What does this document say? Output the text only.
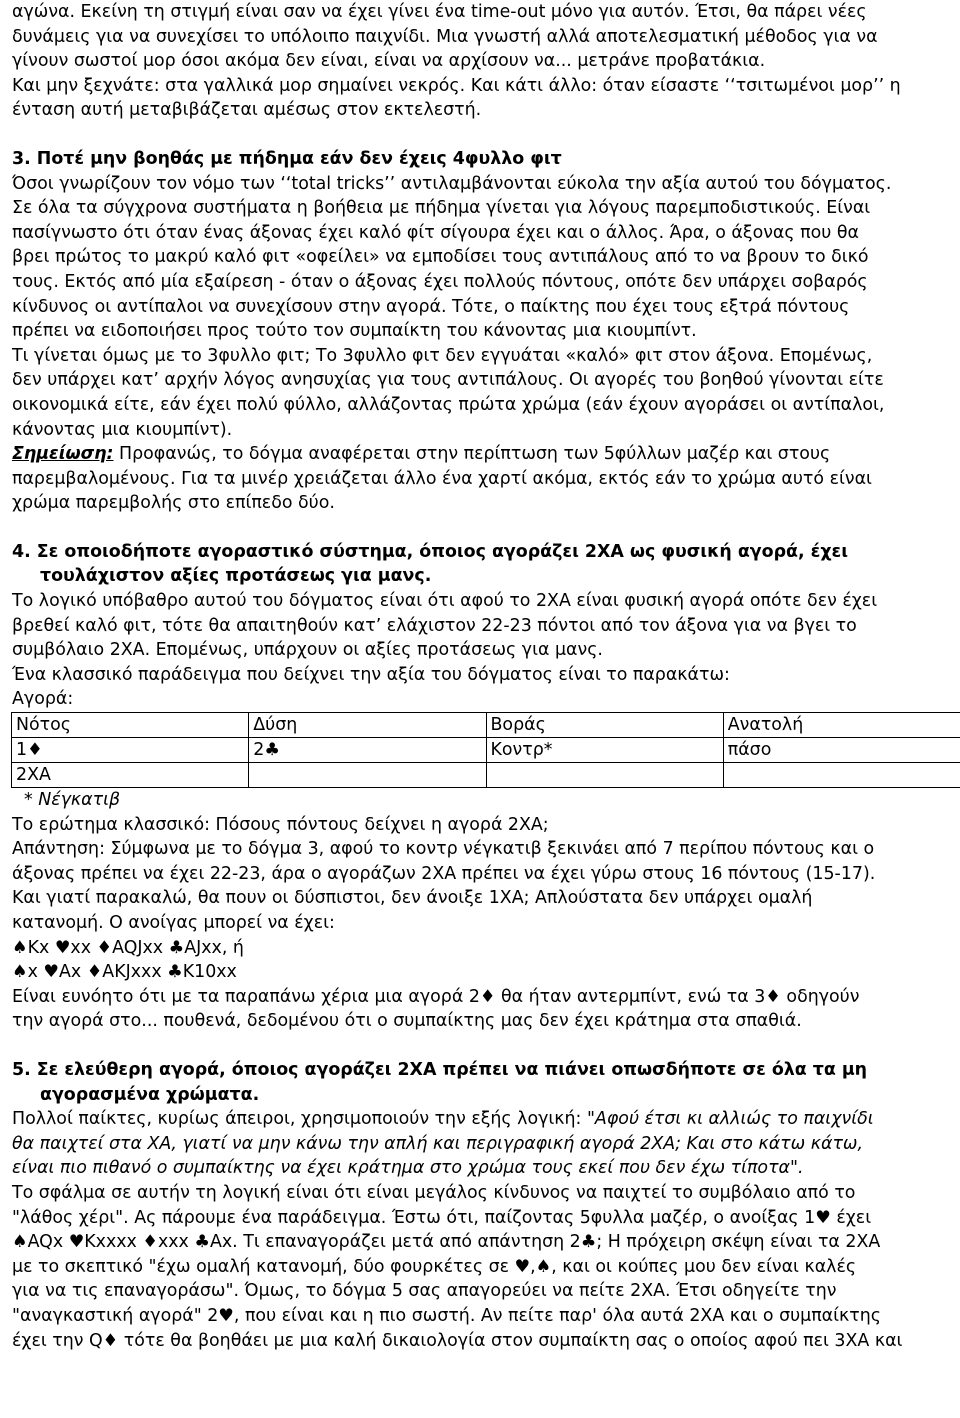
αγώνα. Εκείνη τη στιγμή είναι σαν να έχει γίνει ένα time-out μόνο για αυτόν. Έτσι, θα πάρει νέες

δυνάμεις για να συνεχίσει το υπόλοιπο παιχνίδι. Μια γνωστή αλλά αποτελεσματική μέθοδος για να

γίνουν σωστοί μορ όσοι ακόμα δεν είναι, είναι να αρχίσουν να... μετράνε προβατάκια.

Και μην ξεχνάτε: στα γαλλικά μορ σημαίνει νεκρός. Και κάτι άλλο: όταν είσαστε ‘‘τσιτωμένοι μορ’’ η

ένταση αυτή μεταβιβάζεται αμέσως στον εκτελεστή.

3. Ποτέ μην βοηθάς με πήδημα εάν δεν έχεις 4φυλλο φιτ

Όσοι γνωρίζουν τον νόμο των ‘‘total tricks’’ αντιλαμβάνονται εύκολα την αξία αυτού του δόγματος.

Σε όλα τα σύγχρονα συστήματα η βοήθεια με πήδημα γίνεται για λόγους παρεμποδιστικούς. Είναι

πασίγνωστο ότι όταν ένας άξονας έχει καλό φίτ σίγουρα έχει και ο άλλος. Άρα, ο άξονας που θα

βρει πρώτος το μακρύ καλό φιτ «οφείλει» να εμποδίσει τους αντιπάλους από το να βρουν το δικό

τους. Εκτός από μία εξαίρεση - όταν ο άξονας έχει πολλούς πόντους, οπότε δεν υπάρχει σοβαρός

κίνδυνος οι αντίπαλοι να συνεχίσουν στην αγορά. Τότε, ο παίκτης που έχει τους εξτρά πόντους

πρέπει να ειδοποιήσει προς τούτο τον συμπαίκτη του κάνοντας μια κιουμπίντ.

Τι γίνεται όμως με το 3φυλλο φιτ; Το 3φυλλο φιτ δεν εγγυάται «καλό» φιτ στον άξονα. Επομένως,

δεν υπάρχει κατ’ αρχήν λόγος ανησυχίας για τους αντιπάλους. Οι αγορές του βοηθού γίνονται είτε

οικονομικά είτε, εάν έχει πολύ φύλλο, αλλάζοντας πρώτα χρώμα (εάν έχουν αγοράσει οι αντίπαλοι,

κάνοντας μια κιουμπίντ).

Σημείωση: Προφανώς, το δόγμα αναφέρεται στην περίπτωση των 5φύλλων μαζέρ και στους

παρεμβαλομένους. Για τα μινέρ χρειάζεται άλλο ένα χαρτί ακόμα, εκτός εάν το χρώμα αυτό είναι

χρώμα παρεμβολής στο επίπεδο δύο.

4. Σε οποιοδήποτε αγοραστικό σύστημα, όποιος αγοράζει 2ΧΑ ως φυσική αγορά, έχει

τουλάχιστον αξίες προτάσεως για μανς.

Το λογικό υπόβαθρο αυτού του δόγματος είναι ότι αφού το 2ΧΑ είναι φυσική αγορά οπότε δεν έχει

βρεθεί καλό φιτ, τότε θα απαιτηθούν κατ’ ελάχιστον 22-23 πόντοι από τον άξονα για να βγει το

συμβόλαιο 2ΧΑ. Επομένως, υπάρχουν οι αξίες προτάσεως για μανς.

Ένα κλασσικό παράδειγμα που δείχνει την αξία του δόγματος είναι το παρακάτω:

Αγορά:

Νότος	Δύση	Βοράς	Ανατολή
1♦	2♣	Κοντρ*	πάσο
2ΧΑ			

* Νέγκατιβ

Το ερώτημα κλασσικό: Πόσους πόντους δείχνει η αγορά 2ΧΑ;

Απάντηση: Σύμφωνα με το δόγμα 3, αφού το κοντρ νέγκατιβ ξεκινάει από 7 περίπου πόντους και ο

άξονας πρέπει να έχει 22-23, άρα ο αγοράζων 2ΧΑ πρέπει να έχει γύρω στους 16 πόντους (15-17).

Και γιατί παρακαλώ, θα πουν οι δύσπιστοι, δεν άνοιξε 1ΧΑ; Απλούστατα δεν υπάρχει ομαλή

κατανομή. Ο ανοίγας μπορεί να έχει:

♠Κx ♥xx ♦AQJxx ♣AJxx, ή

♠x ♥Ax ♦AKJxxx ♣K10xx

Είναι ευνόητο ότι με τα παραπάνω χέρια μια αγορά 2♦ θα ήταν αντερμπίντ, ενώ τα 3♦ οδηγούν

την αγορά στο... πουθενά, δεδομένου ότι ο συμπαίκτης μας δεν έχει κράτημα στα σπαθιά.

5. Σε ελεύθερη αγορά, όποιος αγοράζει 2ΧΑ πρέπει να πιάνει οπωσδήποτε σε όλα τα μη

αγορασμένα χρώματα.

Πολλοί παίκτες, κυρίως άπειροι, χρησιμοποιούν την εξής λογική: "Αφού έτσι κι αλλιώς το παιχνίδι

θα παιχτεί στα ΧΑ, γιατί να μην κάνω την απλή και περιγραφική αγορά 2ΧΑ; Και στο κάτω κάτω,

είναι πιο πιθανό ο συμπαίκτης να έχει κράτημα στο χρώμα τους εκεί που δεν έχω τίποτα".

Το σφάλμα σε αυτήν τη λογική είναι ότι είναι μεγάλος κίνδυνος να παιχτεί το συμβόλαιο από το

"λάθος χέρι". Ας πάρουμε ένα παράδειγμα. Έστω ότι, παίζοντας 5φυλλα μαζέρ, ο ανοίξας 1♥ έχει

♠AQx ♥Kxxxx ♦xxx ♣Ax. Τι επαναγοράζει μετά από απάντηση 2♣; Η πρόχειρη σκέψη είναι τα 2ΧΑ

με το σκεπτικό "έχω ομαλή κατανομή, δύο φουρκέτες σε ♥,♠, και οι κούπες μου δεν είναι καλές

για να τις επαναγοράσω". Όμως, το δόγμα 5 σας απαγορεύει να πείτε 2ΧΑ. Έτσι οδηγείτε την

"αναγκαστική αγορά" 2♥, που είναι και η πιο σωστή. Αν πείτε παρ' όλα αυτά 2ΧΑ και ο συμπαίκτης

έχει την Q♦ τότε θα βοηθάει με μια καλή δικαιολογία στον συμπαίκτη σας ο οποίος αφού πει 3ΧΑ και
